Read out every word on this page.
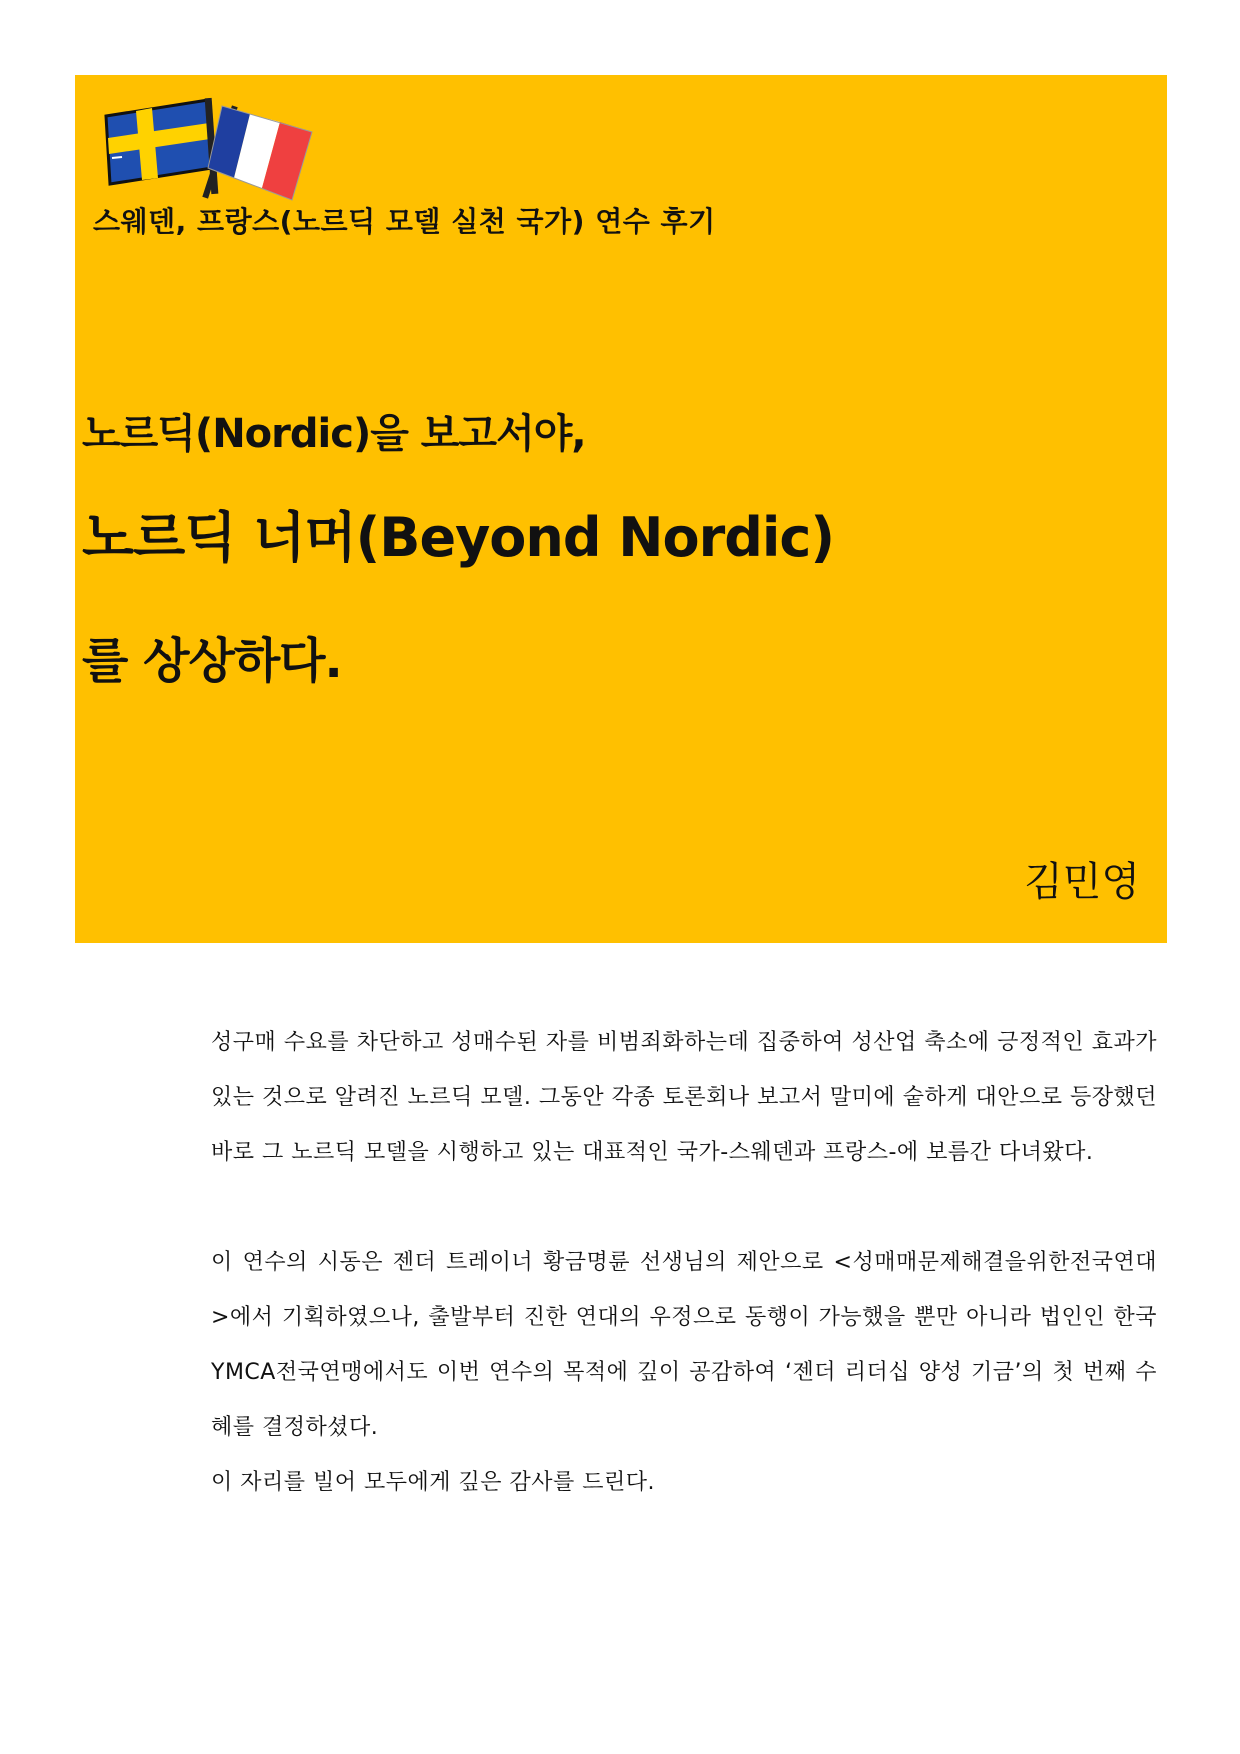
스웨덴, 프랑스(노르딕 모델 실천 국가) 연수 후기
노르딕(Nordic)을 보고서야,
노르딕 너머(Beyond Nordic)
를 상상하다.
김민영

성구매 수요를 차단하고 성매수된 자를 비범죄화하는데 집중하여 성산업 축소에 긍정적인 효과가 있는 것으로 알려진 노르딕 모델. 그동안 각종 토론회나 보고서 말미에 숱하게 대안으로 등장했던 바로 그 노르딕 모델을 시행하고 있는 대표적인 국가-스웨덴과 프랑스-에 보름간 다녀왔다.

이 연수의 시동은 젠더 트레이너 황금명륜 선생님의 제안으로 <성매매문제해결을위한전국연대>에서 기획하였으나, 출발부터 진한 연대의 우정으로 동행이 가능했을 뿐만 아니라 법인인 한국YMCA전국연맹에서도 이번 연수의 목적에 깊이 공감하여 ‘젠더 리더십 양성 기금’의 첫 번째 수혜를 결정하셨다.

이 자리를 빌어 모두에게 깊은 감사를 드린다.
